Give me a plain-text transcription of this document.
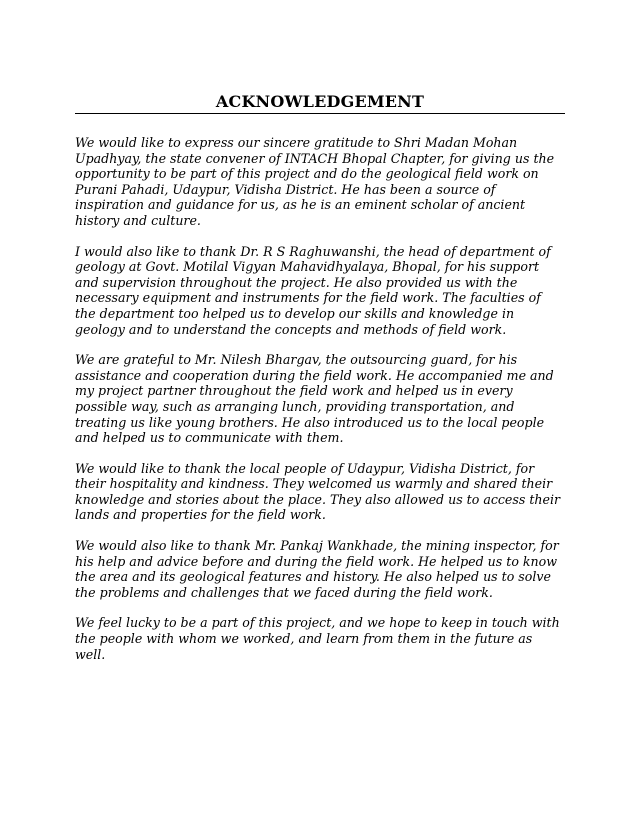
ACKNOWLEDGEMENT

We would like to express our sincere gratitude to Shri Madan Mohan Upadhyay, the state convener of INTACH Bhopal Chapter, for giving us the opportunity to be part of this project and do the geological field work on Purani Pahadi, Udaypur, Vidisha District. He has been a source of inspiration and guidance for us, as he is an eminent scholar of ancient history and culture.

I would also like to thank Dr. R S Raghuwanshi, the head of department of geology at Govt. Motilal Vigyan Mahavidhyalaya, Bhopal, for his support and supervision throughout the project. He also provided us with the necessary equipment and instruments for the field work. The faculties of the department too helped us to develop our skills and knowledge in geology and to understand the concepts and methods of field work.

We are grateful to Mr. Nilesh Bhargav, the outsourcing guard, for his assistance and cooperation during the field work. He accompanied me and my project partner throughout the field work and helped us in every possible way, such as arranging lunch, providing transportation, and treating us like young brothers. He also introduced us to the local people and helped us to communicate with them.

We would like to thank the local people of Udaypur, Vidisha District, for their hospitality and kindness. They welcomed us warmly and shared their knowledge and stories about the place. They also allowed us to access their lands and properties for the field work.

We would also like to thank Mr. Pankaj Wankhade, the mining inspector, for his help and advice before and during the field work. He helped us to know the area and its geological features and history. He also helped us to solve the problems and challenges that we faced during the field work.

We feel lucky to be a part of this project, and we hope to keep in touch with the people with whom we worked, and learn from them in the future as well.
